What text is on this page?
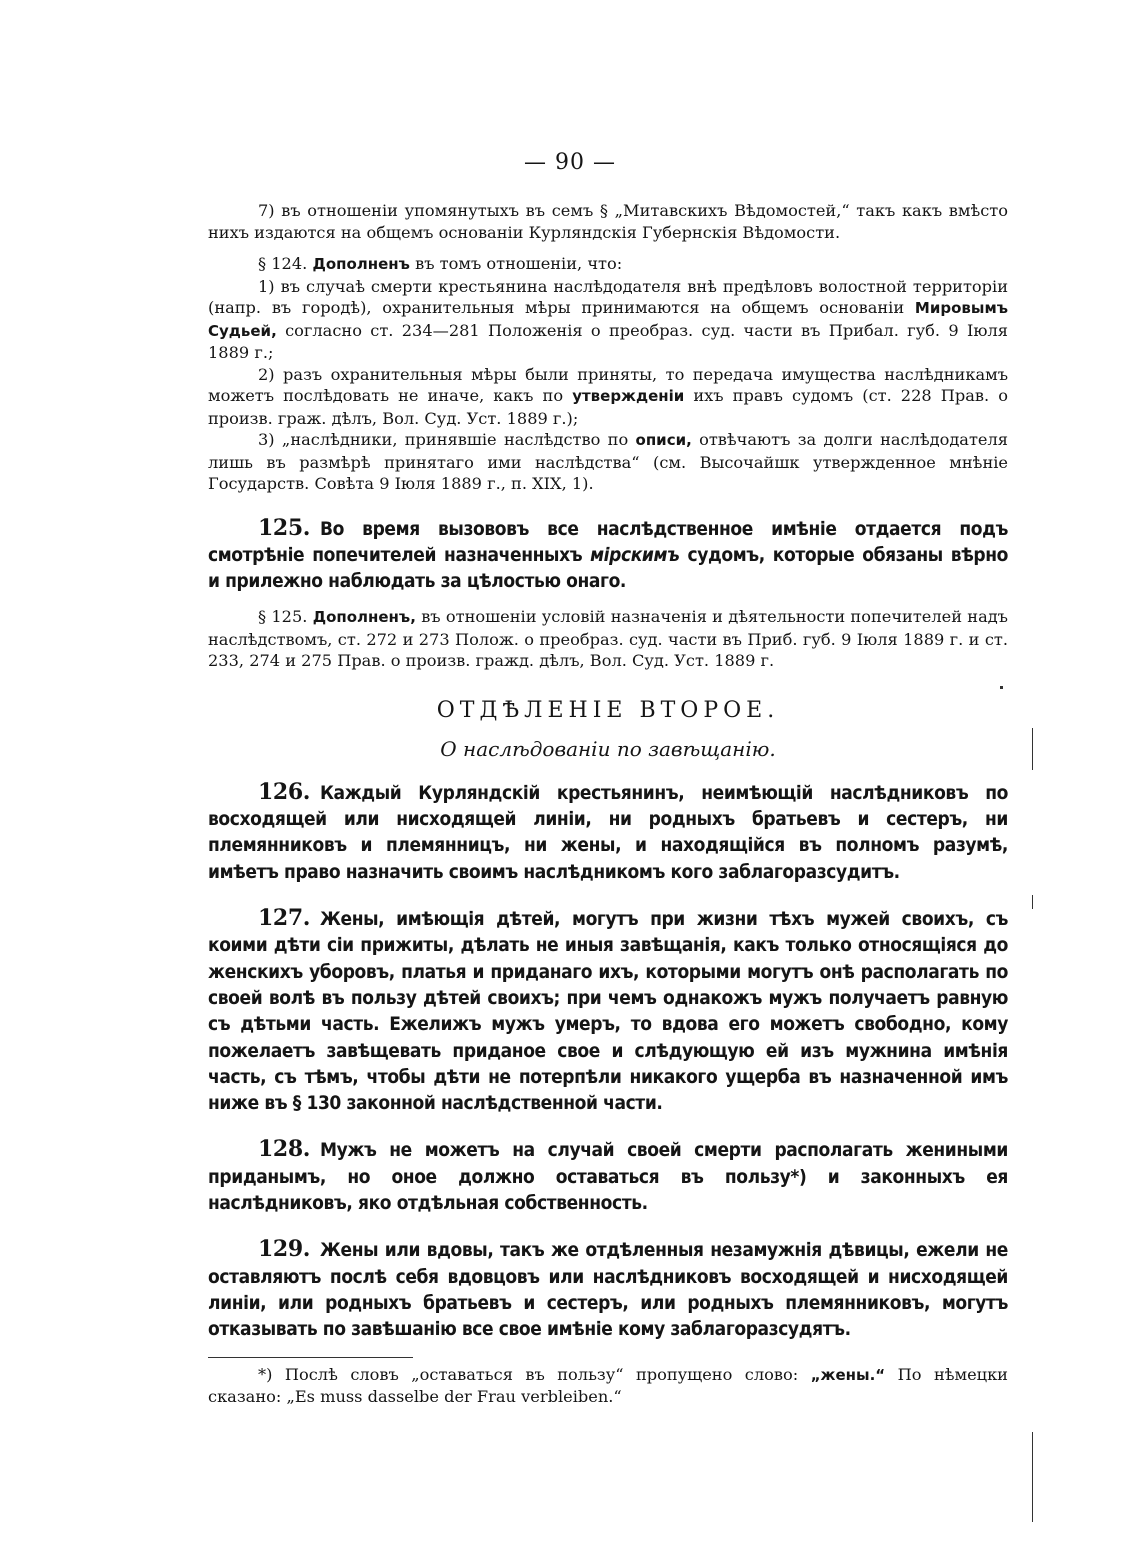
— 90 —

7) въ отношеніи упомянутыхъ въ семъ § „Митавскихъ Вѣдомостей,“ такъ какъ вмѣсто нихъ издаются на общемъ основаніи Курляндскія Губернскія Вѣдомости.

§ 124. Дополненъ въ томъ отношеніи, что:

1) въ случаѣ смерти крестьянина наслѣдодателя внѣ предѣловъ волостной территоріи (напр. въ городѣ), охранительныя мѣры принимаются на общемъ основаніи Мировымъ Судьей, согласно ст. 234—281 Положенія о преобраз. суд. части въ Прибал. губ. 9 Іюля 1889 г.;

2) разъ охранительныя мѣры были приняты, то передача имущества наслѣдникамъ можетъ послѣдовать не иначе, какъ по утвержденіи ихъ правъ судомъ (ст. 228 Прав. о произв. граж. дѣлъ, Вол. Суд. Уст. 1889 г.);

3) „наслѣдники, принявшіе наслѣдство по описи, отвѣчаютъ за долги наслѣдодателя лишь въ размѣрѣ принятаго ими наслѣдства“ (см. Высочайшк утвержденное мнѣніе Государств. Совѣта 9 Іюля 1889 г., п. XIX, 1).

125. Во время вызововъ все наслѣдственное имѣніе отдается подъ смотрѣніе попечителей назначенныхъ мірскимъ судомъ, которые обязаны вѣрно и прилежно наблюдать за цѣлостью онаго.

§ 125. Дополненъ, въ отношеніи условій назначенія и дѣятельности попечителей надъ наслѣдствомъ, ст. 272 и 273 Полож. о преобраз. суд. части въ Приб. губ. 9 Іюля 1889 г. и ст. 233, 274 и 275 Прав. о произв. гражд. дѣлъ, Вол. Суд. Уст. 1889 г.

ОТДѢЛЕНІЕ ВТОРОЕ.

О наслѣдованіи по завѣщанію.

126. Каждый Курляндскій крестьянинъ, неимѣющій наслѣдниковъ по восходящей или нисходящей линіи, ни родныхъ братьевъ и сестеръ, ни племянниковъ и племянницъ, ни жены, и находящійся въ полномъ разумѣ, имѣетъ право назначить своимъ наслѣдникомъ кого заблагоразсудитъ.

127. Жены, имѣющія дѣтей, могутъ при жизни тѣхъ мужей своихъ, съ коими дѣти сіи прижиты, дѣлать не иныя завѣщанія, какъ только относящіяся до женскихъ уборовъ, платья и приданаго ихъ, которыми могутъ онѣ располагать по своей волѣ въ пользу дѣтей своихъ; при чемъ однакожъ мужъ получаетъ равную съ дѣтьми часть. Ежелижъ мужъ умеръ, то вдова его можетъ свободно, кому пожелаетъ завѣщевать приданое свое и слѣдующую ей изъ мужнина имѣнія часть, съ тѣмъ, чтобы дѣти не потерпѣли никакого ущерба въ назначенной имъ ниже въ § 130 законной наслѣдственной части.

128. Мужъ не можетъ на случай своей смерти располагать жениными приданымъ, но оное должно оставаться въ пользу*) и законныхъ ея наслѣдниковъ, яко отдѣльная собственность.

129. Жены или вдовы, такъ же отдѣленныя незамужнія дѣвицы, ежели не оставляютъ послѣ себя вдовцовъ или наслѣдниковъ восходящей и нисходящей линіи, или родныхъ братьевъ и сестеръ, или родныхъ племянниковъ, могутъ отказывать по завѣшанію все свое имѣніе кому заблагоразсудятъ.

*) Послѣ словъ „оставаться въ пользу“ пропущено слово: „жены.“ По нѣмецки сказано: „Es muss dasselbe der Frau verbleiben.“
